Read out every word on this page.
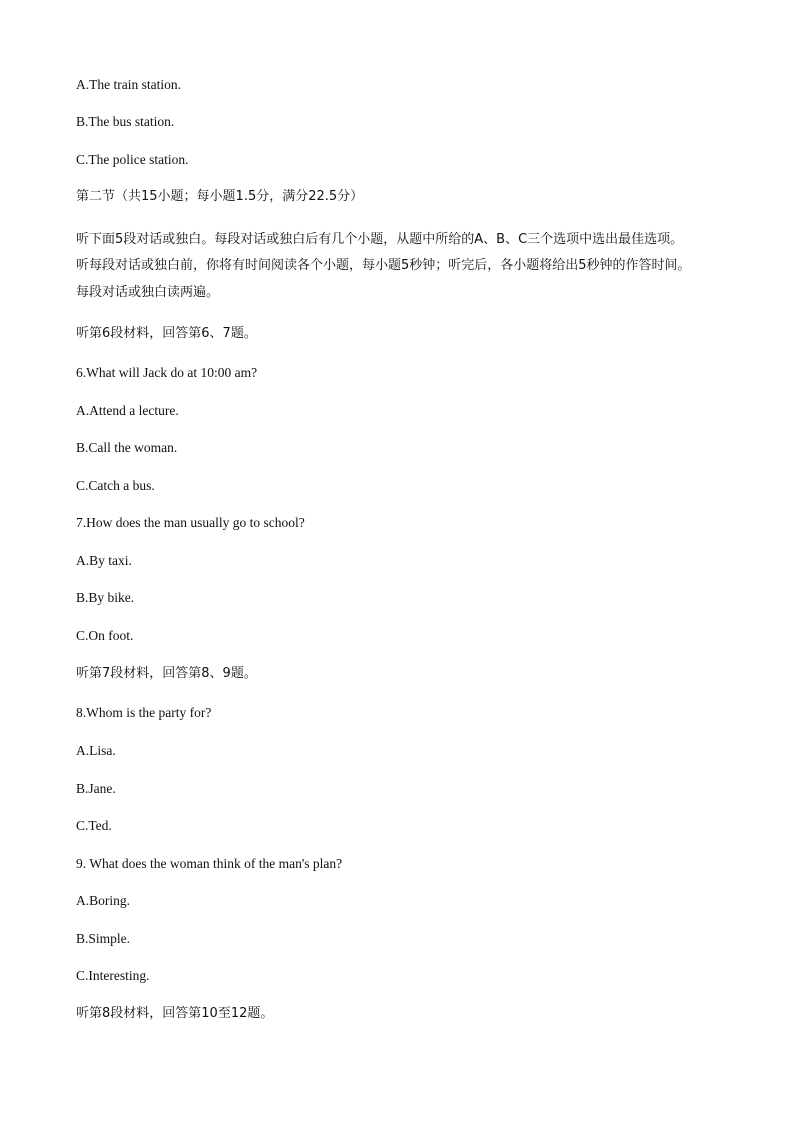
A.The train station.
B.The bus station.
C.The police station.
第二节（共15小题；每小题1.5分，满分22.5分）
听下面5段对话或独白。每段对话或独白后有几个小题，从题中所给的A、B、C三个选项中选出最佳选项。
听每段对话或独白前，你将有时间阅读各个小题，每小题5秒钟；听完后，各小题将给出5秒钟的作答时间。
每段对话或独白读两遍。
听第6段材料，回答第6、7题。
6.What will Jack do at 10:00 am?
A.Attend a lecture.
B.Call the woman.
C.Catch a bus.
7.How does the man usually go to school?
A.By taxi.
B.By bike.
C.On foot.
听第7段材料，回答第8、9题。
8.Whom is the party for?
A.Lisa.
B.Jane.
C.Ted.
9. What does the woman think of the man's plan?
A.Boring.
B.Simple.
C.Interesting.
听第8段材料，回答第10至12题。
